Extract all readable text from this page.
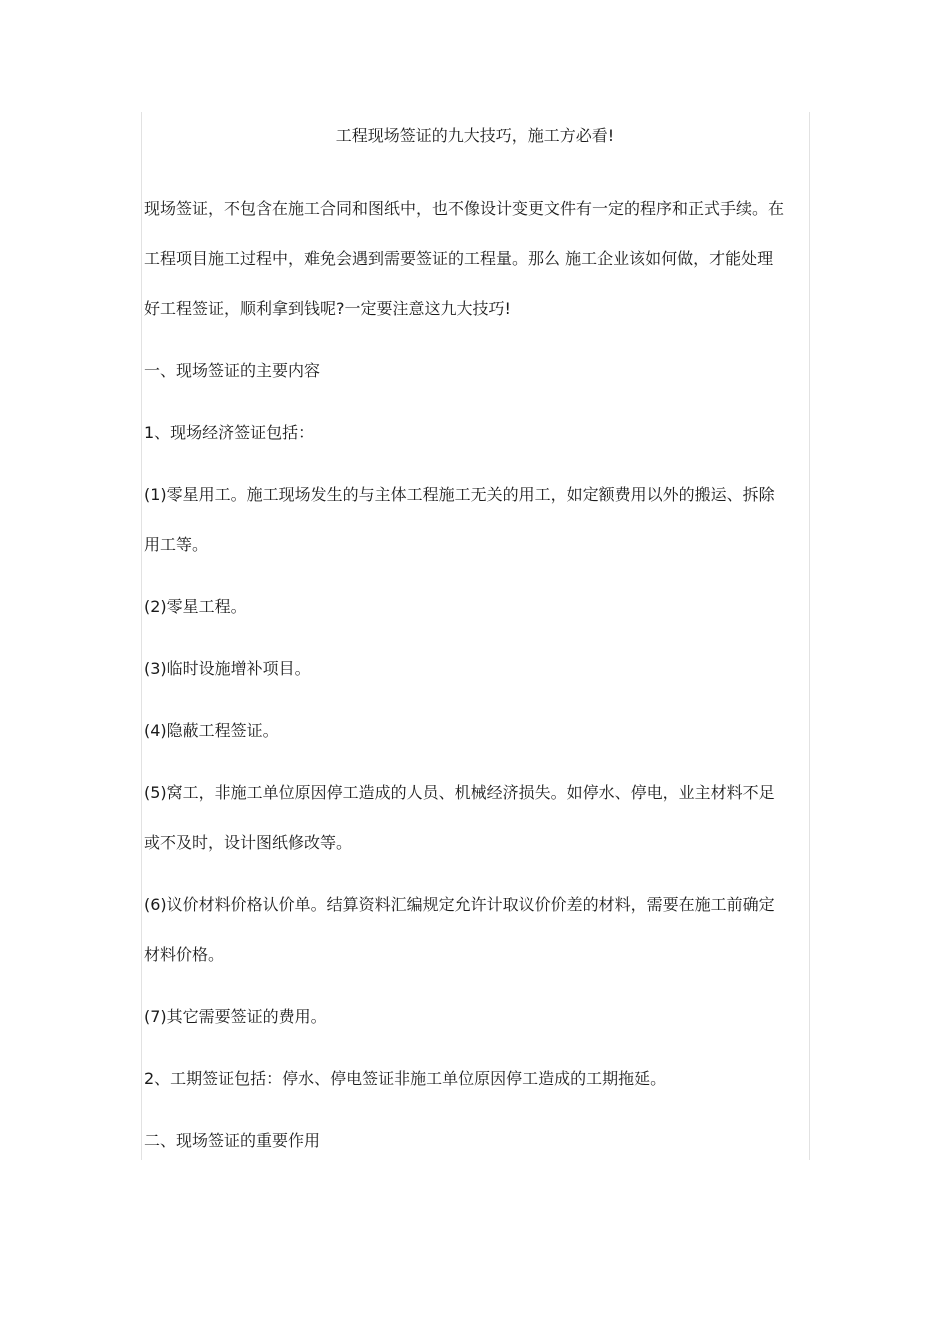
工程现场签证的九大技巧，施工方必看!
现场签证，不包含在施工合同和图纸中，也不像设计变更文件有一定的程序和正式手续。在
工程项目施工过程中，难免会遇到需要签证的工程量。那么 施工企业该如何做，才能处理
好工程签证，顺利拿到钱呢?一定要注意这九大技巧!
一、现场签证的主要内容
1、现场经济签证包括：
(1)零星用工。施工现场发生的与主体工程施工无关的用工，如定额费用以外的搬运、拆除
用工等。
(2)零星工程。
(3)临时设施增补项目。
(4)隐蔽工程签证。
(5)窝工，非施工单位原因停工造成的人员、机械经济损失。如停水、停电，业主材料不足
或不及时，设计图纸修改等。
(6)议价材料价格认价单。结算资料汇编规定允许计取议价价差的材料，需要在施工前确定
材料价格。
(7)其它需要签证的费用。
2、工期签证包括：停水、停电签证非施工单位原因停工造成的工期拖延。
二、现场签证的重要作用
